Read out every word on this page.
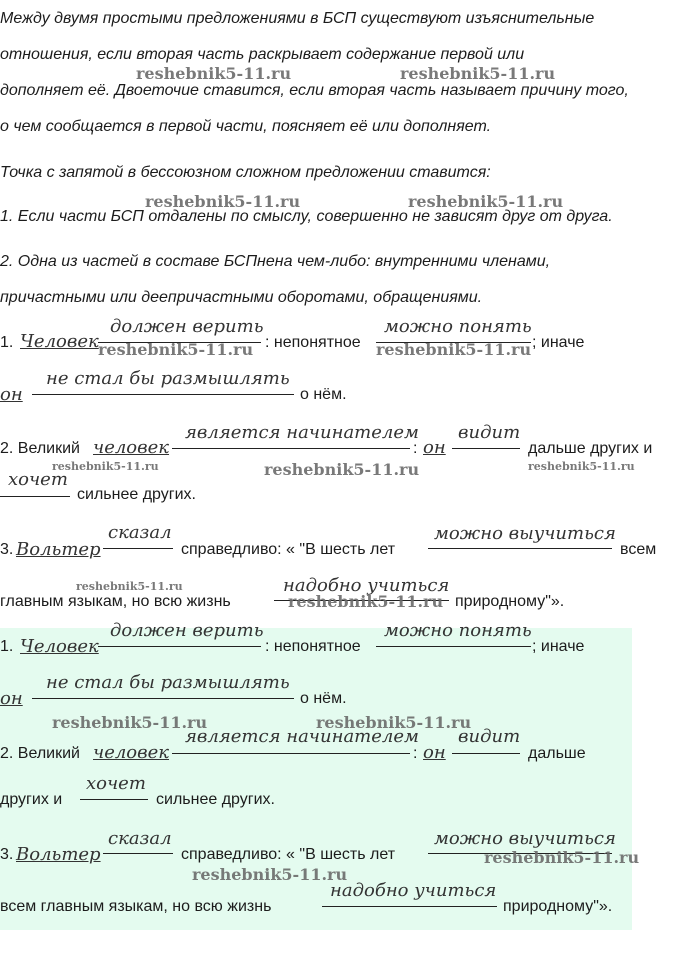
Между двумя простыми предложениями в БСП существуют изъяснительные
отношения, если вторая часть раскрывает содержание первой или
дополняет её. Двоеточие ставится, если вторая часть называет причину того,
о чем сообщается в первой части, поясняет её или дополняет.
Точка с запятой в бессоюзном сложном предложении ставится:
1. Если части БСП отдалены по смыслу, совершенно не зависят друг от друга.
2. Одна из частей в составе БСПнена чем-либо: внутренними членами,
причастными или деепричастными оборотами, обращениями.
reshebnik5-11.ru	reshebnik5-11.ru
reshebnik5-11.ru	reshebnik5-11.ru
1. Человек
должен верить
: непонятное
можно понять
; иначе
он
не стал бы размышлять
о нём.
2. Великий человек
является начинателем
: он
видит
дальше других и
хочет
сильнее других.
3. Вольтер
сказал
справедливо: « "В шесть лет
можно выучиться
всем
главным языкам, но всю жизнь
надобно учиться
природному"».
reshebnik5-11.ru	reshebnik5-11.ru
reshebnik5-11.ru	reshebnik5-11.ru	reshebnik5-11.ru
reshebnik5-11.ru
reshebnik5-11.ru
1. Человек
должен верить
: непонятное
можно понять
; иначе
он
не стал бы размышлять
о нём.
2. Великий человек
является начинателем
: он
видит
дальше
других и
хочет
сильнее других.
3. Вольтер
сказал
справедливо: « "В шесть лет
можно выучиться
всем главным языкам, но всю жизнь
надобно учиться
природному"».
reshebnik5-11.ru	reshebnik5-11.ru
reshebnik5-11.ru
reshebnik5-11.ru
